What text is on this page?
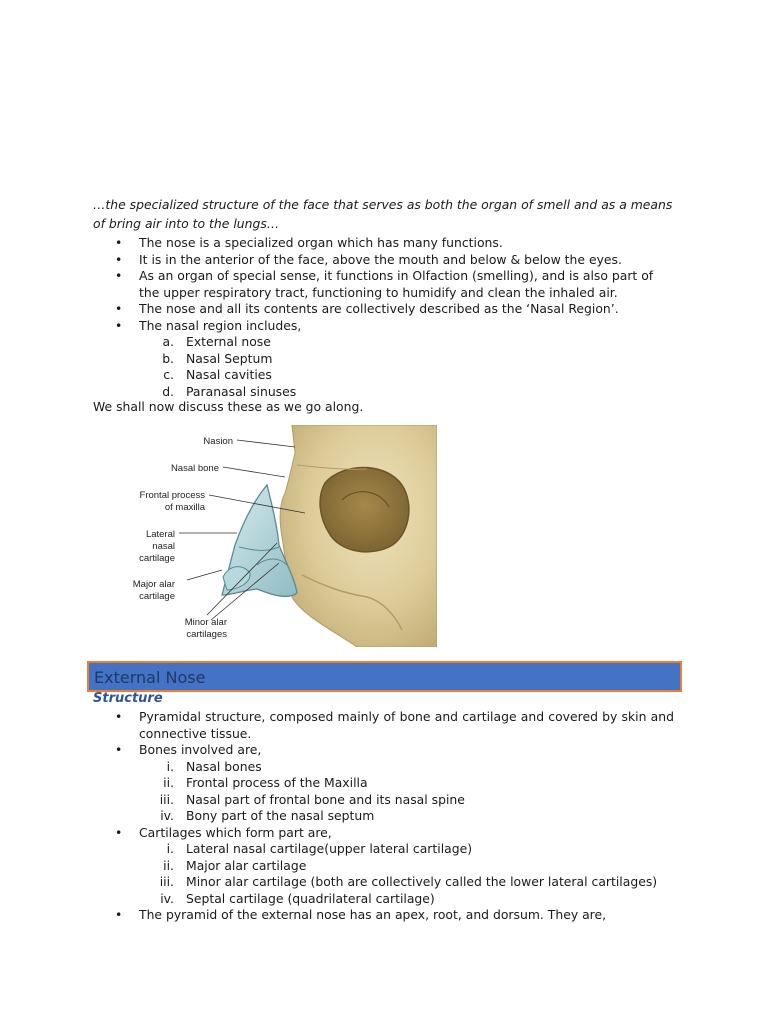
…the specialized structure of the face that serves as both the organ of smell and as a means of bring air into to the lungs…

• The nose is a specialized organ which has many functions.
• It is in the anterior of the face, above the mouth and below & below the eyes.
• As an organ of special sense, it functions in Olfaction (smelling), and is also part of the upper respiratory tract, functioning to humidify and clean the inhaled air.
• The nose and all its contents are collectively described as the ‘Nasal Region’.
• The nasal region includes,
a. External nose
b. Nasal Septum
c. Nasal cavities
d. Paranasal sinuses

We shall now discuss these as we go along.

Nasion
Nasal bone
Frontal process
of maxilla
Lateral
nasal
cartilage
Major alar
cartilage
Minor alar
cartilages
External Nose

Structure

• Pyramidal structure, composed mainly of bone and cartilage and covered by skin and connective tissue.
• Bones involved are,
i. Nasal bones
ii. Frontal process of the Maxilla
iii. Nasal part of frontal bone and its nasal spine
iv. Bony part of the nasal septum
• Cartilages which form part are,
i. Lateral nasal cartilage(upper lateral cartilage)
ii. Major alar cartilage
iii. Minor alar cartilage (both are collectively called the lower lateral cartilages)
iv. Septal cartilage (quadrilateral cartilage)
• The pyramid of the external nose has an apex, root, and dorsum. They are,
